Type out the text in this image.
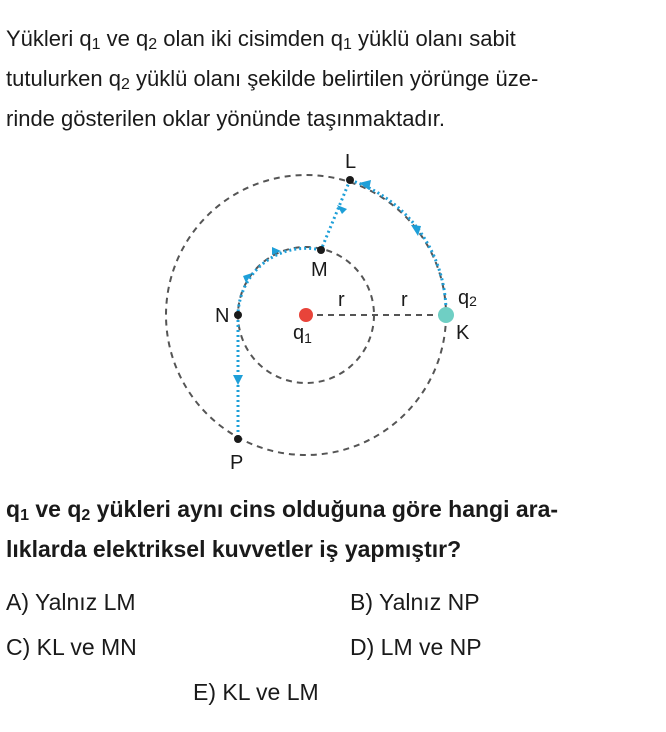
Yükleri $q_1$ ve $q_2$ olan iki cisimden $q_1$ yüklü olanı sabit
tutulurken $q_2$ yüklü olanı şekilde belirtilen yörünge üze-
rinde gösterilen oklar yönünde taşınmaktadır.
L
M
N
P
K
r	r
$q_1$
q2
$q_1$ ve $q_2$ yükleri aynı cins olduğuna göre hangi ara-
lıklarda elektriksel kuvvetler iş yapmıştır?
A) Yalnız LM	B) Yalnız NP
C) KL ve MN	D) LM ve NP
E) KL ve LM
